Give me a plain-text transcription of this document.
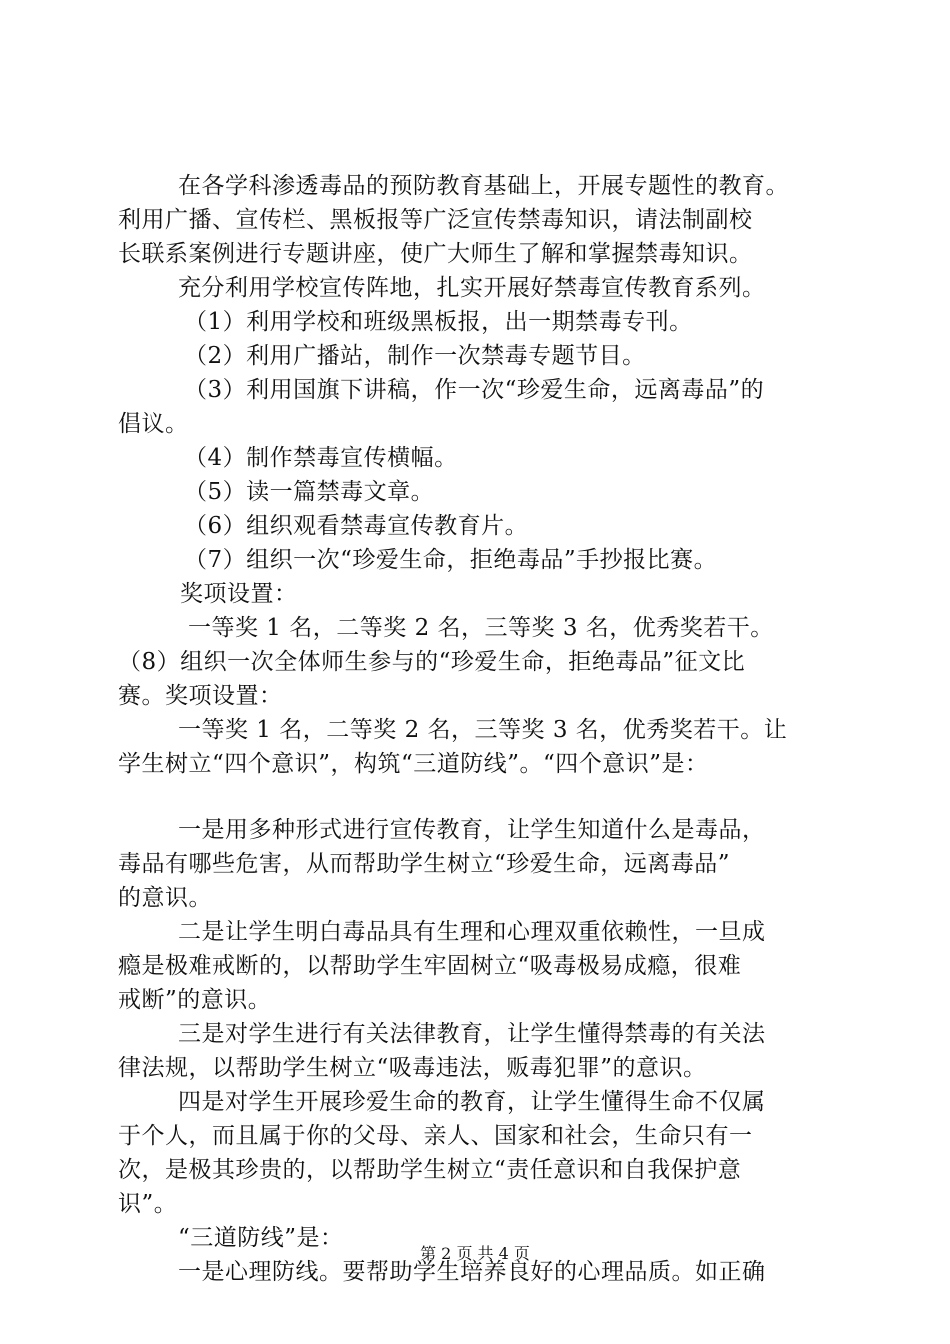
在各学科渗透毒品的预防教育基础上，开展专题性的教育。
利用广播、宣传栏、黑板报等广泛宣传禁毒知识，请法制副校
长联系案例进行专题讲座，使广大师生了解和掌握禁毒知识。
充分利用学校宣传阵地，扎实开展好禁毒宣传教育系列。
（1）利用学校和班级黑板报，出一期禁毒专刊。
（2）利用广播站，制作一次禁毒专题节目。
（3）利用国旗下讲稿，作一次“珍爱生命，远离毒品”的
倡议。
（4）制作禁毒宣传横幅。
（5）读一篇禁毒文章。
（6）组织观看禁毒宣传教育片。
（7）组织一次“珍爱生命，拒绝毒品”手抄报比赛。
奖项设置：
一等奖 1 名，二等奖 2 名，三等奖 3 名，优秀奖若干。
（8）组织一次全体师生参与的“珍爱生命，拒绝毒品”征文比
赛。奖项设置：
一等奖 1 名，二等奖 2 名，三等奖 3 名，优秀奖若干。让
学生树立“四个意识”，构筑“三道防线”。“四个意识”是：
一是用多种形式进行宣传教育，让学生知道什么是毒品，
毒品有哪些危害，从而帮助学生树立“珍爱生命，远离毒品”
的意识。
二是让学生明白毒品具有生理和心理双重依赖性，一旦成
瘾是极难戒断的，以帮助学生牢固树立“吸毒极易成瘾，很难
戒断”的意识。
三是对学生进行有关法律教育，让学生懂得禁毒的有关法
律法规，以帮助学生树立“吸毒违法，贩毒犯罪”的意识。
四是对学生开展珍爱生命的教育，让学生懂得生命不仅属
于个人，而且属于你的父母、亲人、国家和社会，生命只有一
次，是极其珍贵的，以帮助学生树立“责任意识和自我保护意
识”。
“三道防线”是：
一是心理防线。要帮助学生培养良好的心理品质。如正确
第 2 页 共 4 页
